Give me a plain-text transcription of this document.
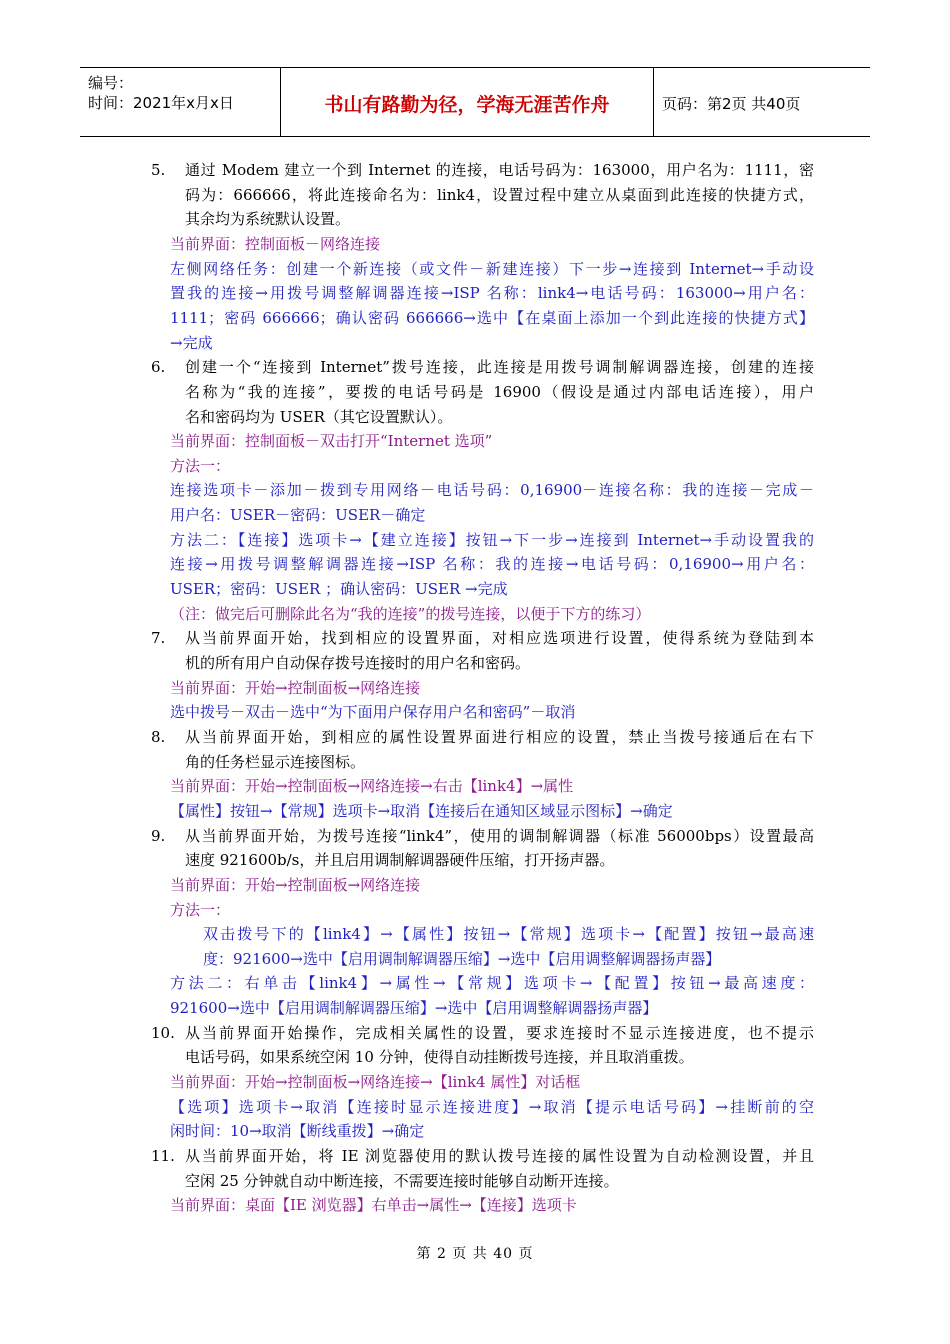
编号：
时间：2021年x月x日	书山有路勤为径，学海无涯苦作舟	页码：第2页 共40页
5.	通过 Modem 建立一个到 Internet 的连接，电话号码为：163000，用户名为：1111，密
码为：666666，将此连接命名为：link4，设置过程中建立从桌面到此连接的快捷方式，
其余均为系统默认设置。
当前界面：控制面板－网络连接
左侧网络任务：创建一个新连接（或文件－新建连接）下一步→连接到 Internet→手动设
置我的连接→用拨号调整解调器连接→ISP 名称：link4→电话号码：163000→用户名：
1111；密码 666666；确认密码 666666→选中【在桌面上添加一个到此连接的快捷方式】
→完成
6.	创建一个“连接到 Internet”拨号连接，此连接是用拨号调制解调器连接，创建的连接
名称为“我的连接”，要拨的电话号码是 16900（假设是通过内部电话连接），用户
名和密码均为 USER（其它设置默认）。
当前界面：控制面板－双击打开“Internet 选项”
方法一：
连接选项卡－添加－拨到专用网络－电话号码：0,16900－连接名称：我的连接－完成－
用户名：USER－密码：USER－确定
方法二：【连接】选项卡→【建立连接】按钮→下一步→连接到 Internet→手动设置我的
连接→用拨号调整解调器连接→ISP 名称：我的连接→电话号码：0,16900→用户名：
USER；密码：USER ；确认密码：USER →完成
（注：做完后可删除此名为“我的连接”的拨号连接，以便于下方的练习）
7.	从当前界面开始，找到相应的设置界面，对相应选项进行设置，使得系统为登陆到本
机的所有用户自动保存拨号连接时的用户名和密码。
当前界面：开始→控制面板→网络连接
选中拨号－双击－选中“为下面用户保存用户名和密码”－取消
8.	从当前界面开始，到相应的属性设置界面进行相应的设置，禁止当拨号接通后在右下
角的任务栏显示连接图标。
当前界面：开始→控制面板→网络连接→右击【link4】→属性
【属性】按钮→【常规】选项卡→取消【连接后在通知区域显示图标】→确定
9.	从当前界面开始，为拨号连接“link4”，使用的调制解调器（标准 56000bps）设置最高
速度 921600b/s，并且启用调制解调器硬件压缩，打开扬声器。
当前界面：开始→控制面板→网络连接
方法一：
双击拨号下的【link4】→【属性】按钮→【常规】选项卡→【配置】按钮→最高速
度：921600→选中【启用调制解调器压缩】→选中【启用调整解调器扬声器】
方法二：右单击【link4】→属性→【常规】选项卡→【配置】按钮→最高速度：
921600→选中【启用调制解调器压缩】→选中【启用调整解调器扬声器】
10. 从当前界面开始操作，完成相关属性的设置，要求连接时不显示连接进度，也不提示
电话号码，如果系统空闲 10 分钟，使得自动挂断拨号连接，并且取消重拨。
当前界面：开始→控制面板→网络连接→【link4 属性】对话框
【选项】选项卡→取消【连接时显示连接进度】→取消【提示电话号码】→挂断前的空
闲时间：10→取消【断线重拨】→确定
11. 从当前界面开始，将 IE 浏览器使用的默认拨号连接的属性设置为自动检测设置，并且
空闲 25 分钟就自动中断连接，不需要连接时能够自动断开连接。
当前界面：桌面【IE 浏览器】右单击→属性→【连接】选项卡
第 2 页 共 40 页
